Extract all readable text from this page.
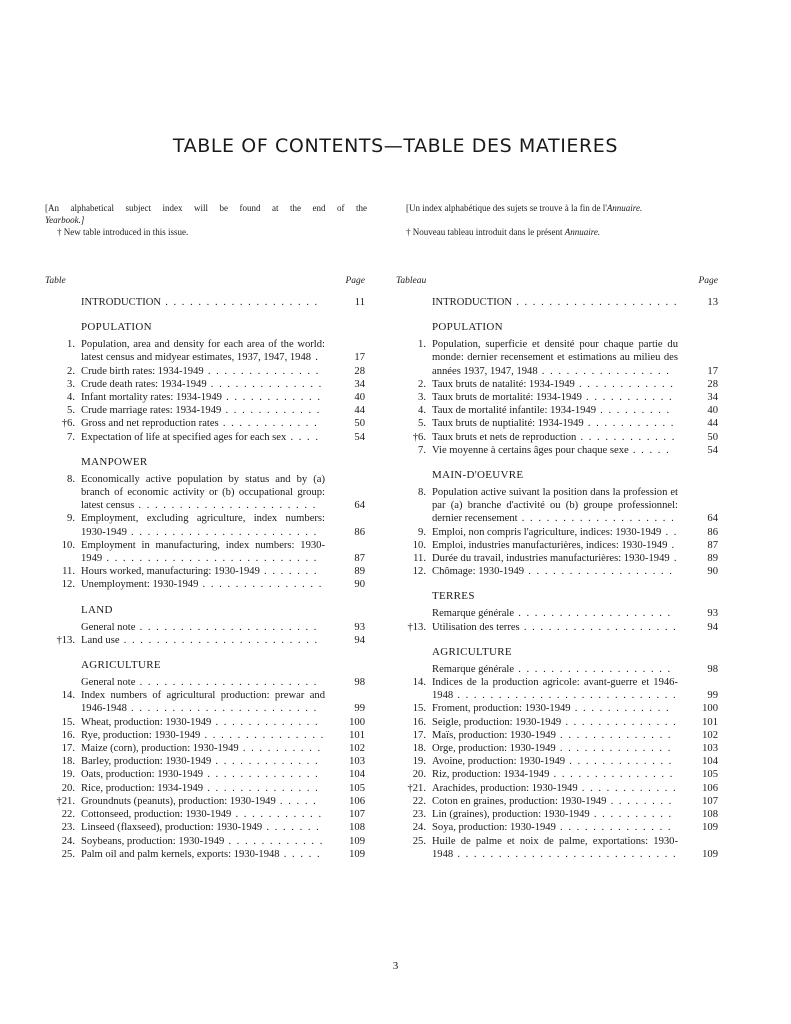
TABLE OF CONTENTS—TABLE DES MATIERES
[An alphabetical subject index will be found at the end of the
Yearbook.]
† New table introduced in this issue.
[Un index alphabétique des sujets se trouve à la fin de l'Annuaire.
† Nouveau tableau introduit dans le présent Annuaire.
Table	Page
INTRODUCTION . . . . . . . . . . . . . . . . . . .	11
POPULATION
1. Population, area and density for each area of the world: latest census and midyear estimates, 1937, 1947, 1948 .	17
2. Crude birth rates: 1934-1949 . . . . . . . . . . . . . .	28
3. Crude death rates: 1934-1949 . . . . . . . . . . . . . .	34
4. Infant mortality rates: 1934-1949 . . . . . . . . . . . .	40
5. Crude marriage rates: 1934-1949 . . . . . . . . . . . .	44
†6. Gross and net reproduction rates . . . . . . . . . . . .	50
7. Expectation of life at specified ages for each sex . . . .	54
MANPOWER
8. Economically active population by status and by (a) branch of economic activity or (b) occupational group: latest census . . . . . . . . . . . . . . . . . . . . . .	64
9. Employment, excluding agriculture, index numbers: 1930-1949 . . . . . . . . . . . . . . . . . . . . . . .	86
10. Employment in manufacturing, index numbers: 1930-1949 . . . . . . . . . . . . . . . . . . . . . . . . . .	87
11. Hours worked, manufacturing: 1930-1949 . . . . . . .	89
12. Unemployment: 1930-1949 . . . . . . . . . . . . . . .	90
LAND
General note . . . . . . . . . . . . . . . . . . . . . .	93
†13. Land use . . . . . . . . . . . . . . . . . . . . . . . .	94
AGRICULTURE
General note . . . . . . . . . . . . . . . . . . . . . .	98
14. Index numbers of agricultural production: prewar and 1946-1948 . . . . . . . . . . . . . . . . . . . . . . .	99
15. Wheat, production: 1930-1949 . . . . . . . . . . . . .	100
16. Rye, production: 1930-1949 . . . . . . . . . . . . . . .	101
17. Maize (corn), production: 1930-1949 . . . . . . . . . .	102
18. Barley, production: 1930-1949 . . . . . . . . . . . . .	103
19. Oats, production: 1930-1949 . . . . . . . . . . . . . .	104
20. Rice, production: 1934-1949 . . . . . . . . . . . . . .	105
†21. Groundnuts (peanuts), production: 1930-1949 . . . . .	106
22. Cottonseed, production: 1930-1949 . . . . . . . . . . .	107
23. Linseed (flaxseed), production: 1930-1949 . . . . . . .	108
24. Soybeans, production: 1930-1949 . . . . . . . . . . . .	109
25. Palm oil and palm kernels, exports: 1930-1948 . . . . .	109
Tableau	Page
INTRODUCTION . . . . . . . . . . . . . . . . . . . .	13
POPULATION
1. Population, superficie et densité pour chaque partie du monde: dernier recensement et estimations au milieu des années 1937, 1947, 1948 . . . . . . . . . . . . . . . .	17
2. Taux bruts de natalité: 1934-1949 . . . . . . . . . . . .	28
3. Taux bruts de mortalité: 1934-1949 . . . . . . . . . . .	34
4. Taux de mortalité infantile: 1934-1949 . . . . . . . . .	40
5. Taux bruts de nuptialité: 1934-1949 . . . . . . . . . . .	44
†6. Taux bruts et nets de reproduction . . . . . . . . . . . .	50
7. Vie moyenne à certains âges pour chaque sexe . . . . .	54
MAIN-D'OEUVRE
8. Population active suivant la position dans la profession et par (a) branche d'activité ou (b) groupe professionnel: dernier recensement . . . . . . . . . . . . . . . . . . .	64
9. Emploi, non compris l'agriculture, indices: 1930-1949 . .	86
10. Emploi, industries manufacturières, indices: 1930-1949 .	87
11. Durée du travail, industries manufacturières: 1930-1949 .	89
12. Chômage: 1930-1949 . . . . . . . . . . . . . . . . . .	90
TERRES
Remarque générale . . . . . . . . . . . . . . . . . . .	93
†13. Utilisation des terres . . . . . . . . . . . . . . . . . . .	94
AGRICULTURE
Remarque générale . . . . . . . . . . . . . . . . . . .	98
14. Indices de la production agricole: avant-guerre et 1946-1948 . . . . . . . . . . . . . . . . . . . . . . . . . . .	99
15. Froment, production: 1930-1949 . . . . . . . . . . . .	100
16. Seigle, production: 1930-1949 . . . . . . . . . . . . . .	101
17. Maïs, production: 1930-1949 . . . . . . . . . . . . . .	102
18. Orge, production: 1930-1949 . . . . . . . . . . . . . .	103
19. Avoine, production: 1930-1949 . . . . . . . . . . . . .	104
20. Riz, production: 1934-1949 . . . . . . . . . . . . . . .	105
†21. Arachides, production: 1930-1949 . . . . . . . . . . . .	106
22. Coton en graines, production: 1930-1949 . . . . . . . .	107
23. Lin (graines), production: 1930-1949 . . . . . . . . . .	108
24. Soya, production: 1930-1949 . . . . . . . . . . . . . .	109
25. Huile de palme et noix de palme, exportations: 1930-1948 . . . . . . . . . . . . . . . . . . . . . . . . . . .	109
3
